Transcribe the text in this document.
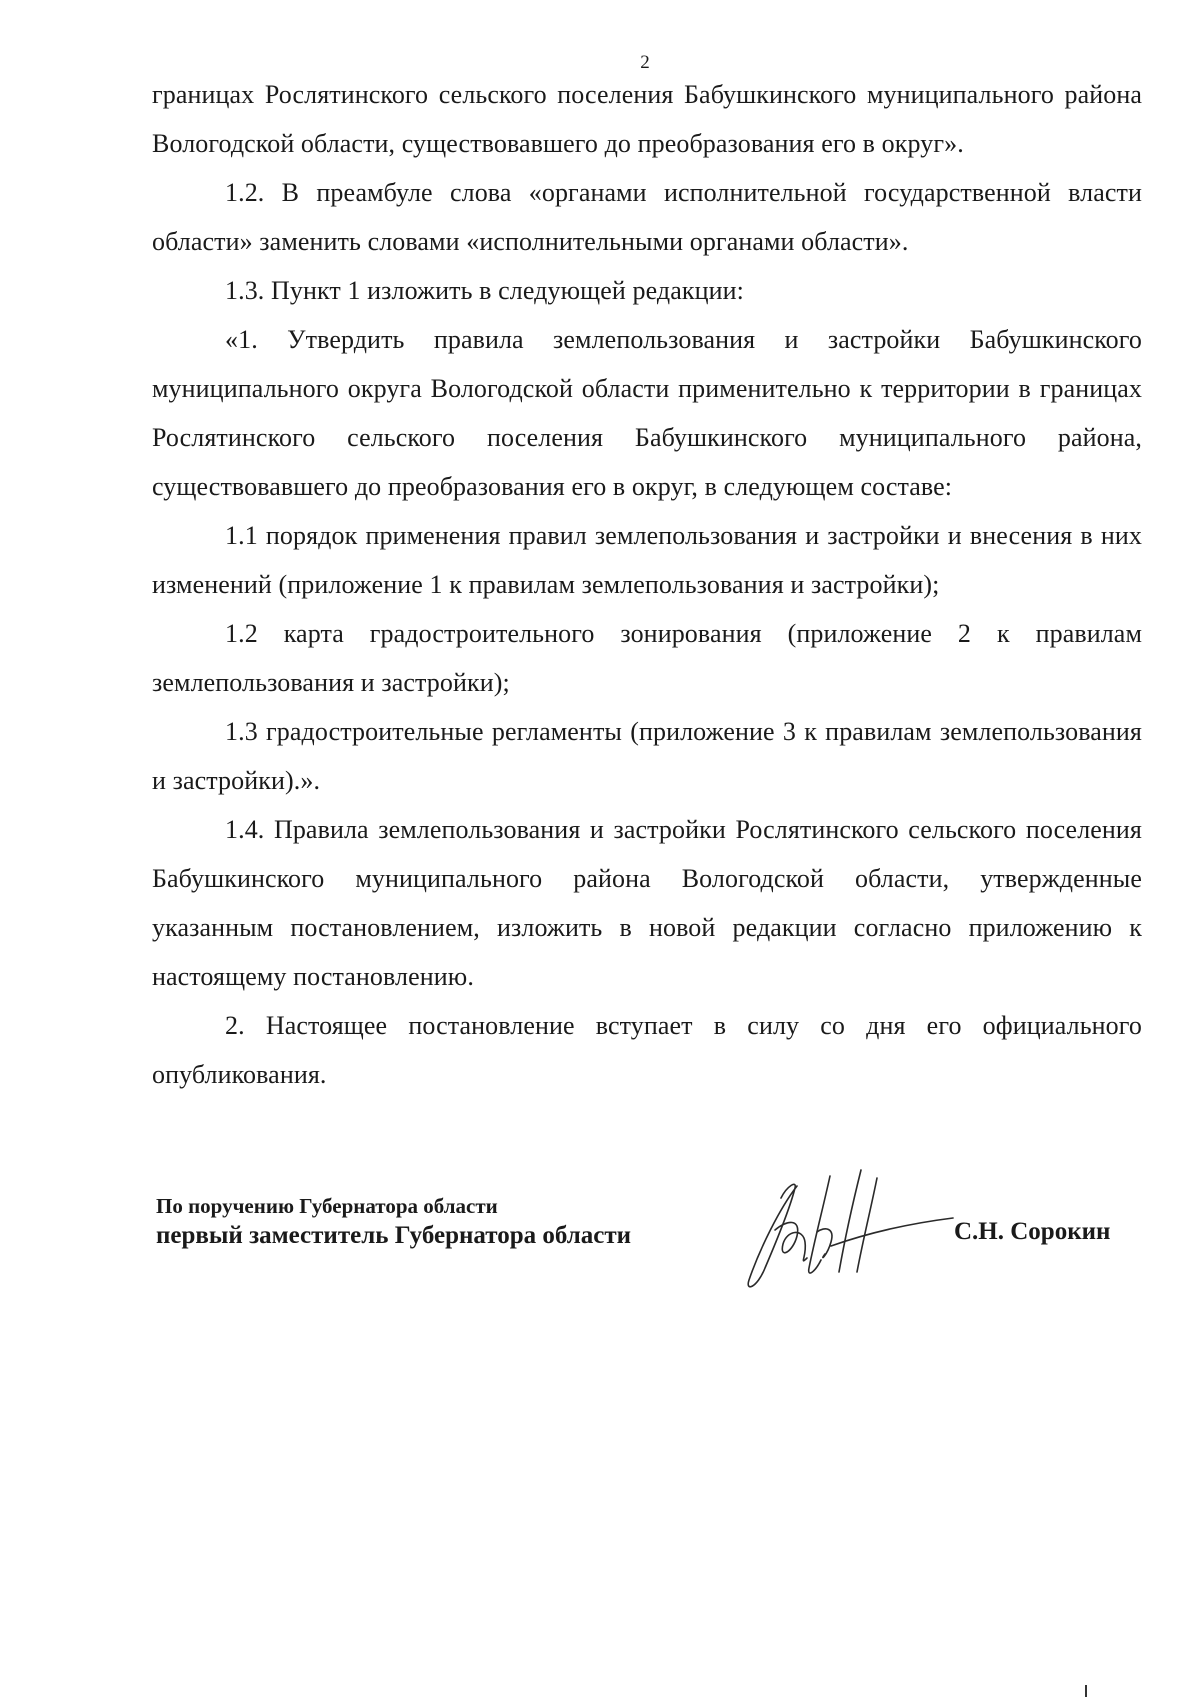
2

границах Рослятинского сельского поселения Бабушкинского муниципального района Вологодской области, существовавшего до преобразования его в округ».

1.2. В преамбуле слова «органами исполнительной государственной власти области» заменить словами «исполнительными органами области».

1.3. Пункт 1 изложить в следующей редакции:

«1. Утвердить правила землепользования и застройки Бабушкинского муниципального округа Вологодской области применительно к территории в границах Рослятинского сельского поселения Бабушкинского муниципального района, существовавшего до преобразования его в округ, в следующем составе:

1.1 порядок применения правил землепользования и застройки и внесения в них изменений (приложение 1 к правилам землепользования и застройки);

1.2 карта градостроительного зонирования (приложение 2 к правилам землепользования и застройки);

1.3 градостроительные регламенты (приложение 3 к правилам землепользования и застройки).».

1.4. Правила землепользования и застройки Рослятинского сельского поселения Бабушкинского муниципального района Вологодской области, утвержденные указанным постановлением, изложить в новой редакции согласно приложению к настоящему постановлению.

2. Настоящее постановление вступает в силу со дня его официального опубликования.

По поручению Губернатора области
первый заместитель Губернатора области	С.Н. Сорокин
